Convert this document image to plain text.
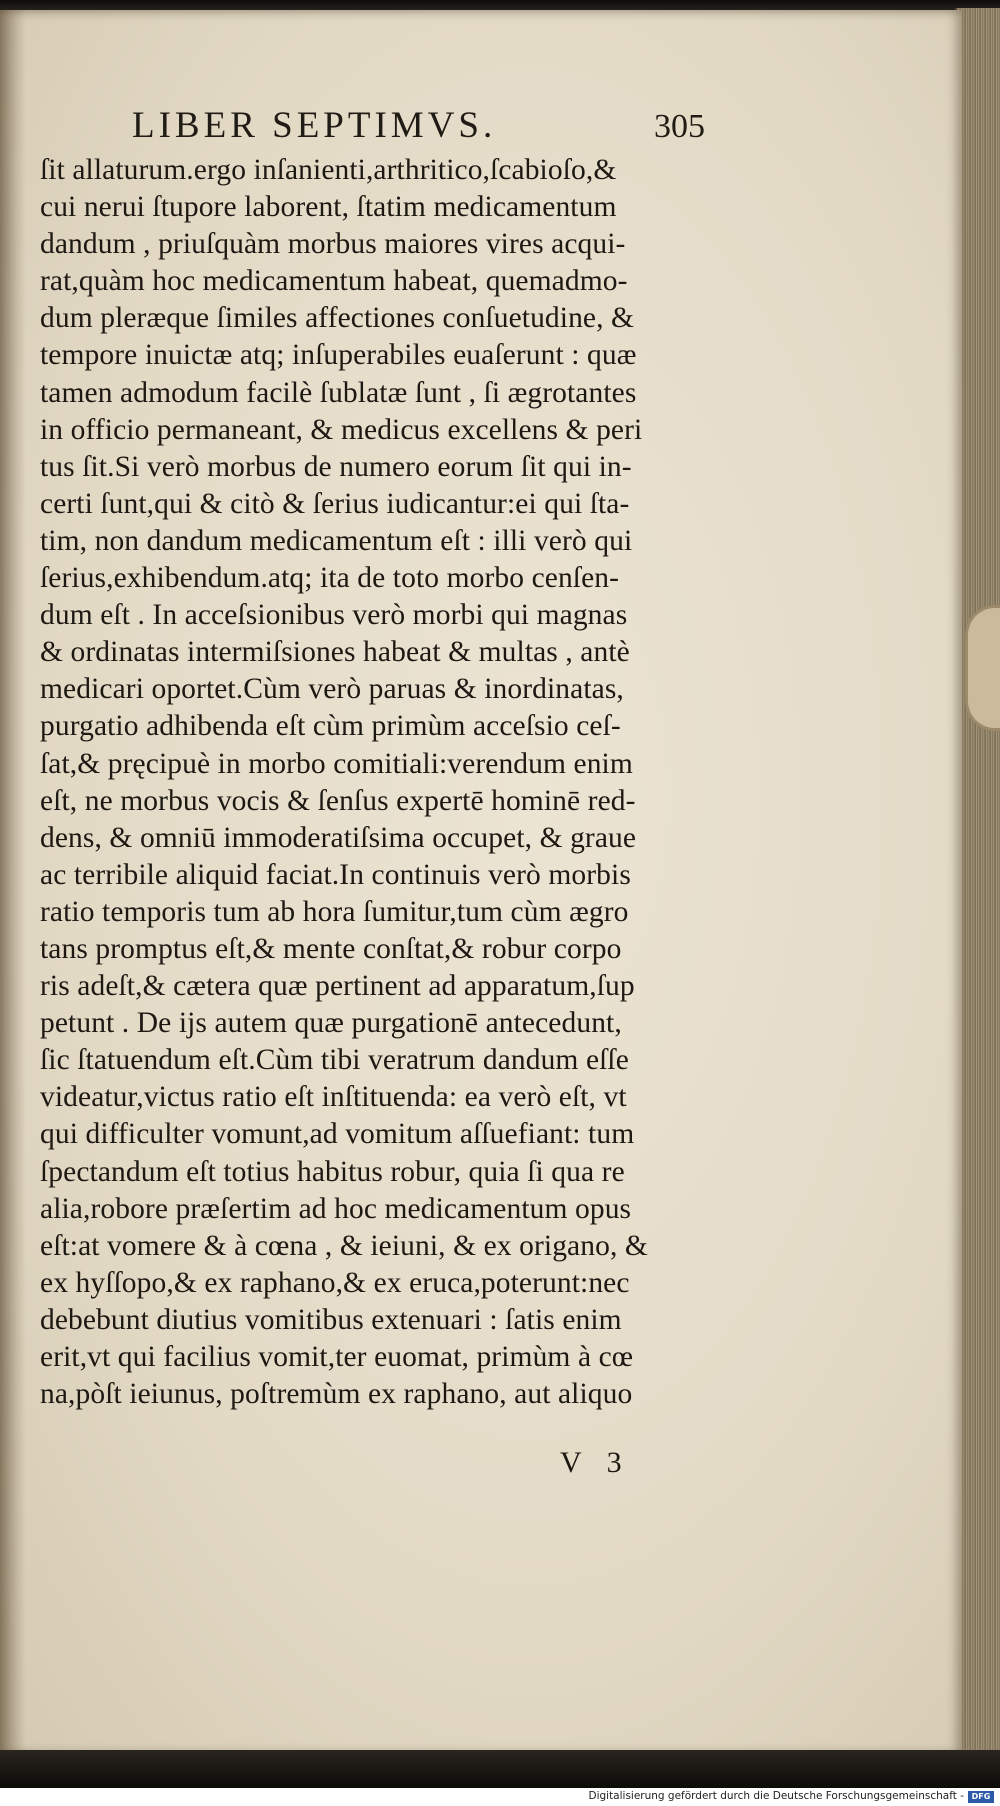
LIBER SEPTIMVS.	305
ſit allaturum.ergo inſanienti,arthritico,ſcabioſo,&
cui nerui ſtupore laborent, ſtatim medicamentum
dandum , priuſquàm morbus maiores vires acqui-
rat,quàm hoc medicamentum habeat, quemadmo-
dum pleræque ſimiles affectiones conſuetudine, &
tempore inuictæ atq; inſuperabiles euaſerunt : quæ
tamen admodum facilè ſublatæ ſunt , ſi ægrotantes
in officio permaneant, & medicus excellens & peri
tus ſit.Si verò morbus de numero eorum ſit qui in-
certi ſunt,qui & citò & ſerius iudicantur:ei qui ſta-
tim, non dandum medicamentum eſt : illi verò qui
ſerius,exhibendum.atq; ita de toto morbo cenſen-
dum eſt . In acceſsionibus verò morbi qui magnas
& ordinatas intermiſsiones habeat & multas , antè
medicari oportet.Cùm verò paruas & inordinatas,
purgatio adhibenda eſt cùm primùm acceſsio ceſ-
ſat,& pręcipuè in morbo comitiali:verendum enim
eſt, ne morbus vocis & ſenſus expertē hominē red-
dens, & omniū immoderatiſsima occupet, & graue
ac terribile aliquid faciat.In continuis verò morbis
ratio temporis tum ab hora ſumitur,tum cùm ægro
tans promptus eſt,& mente conſtat,& robur corpo
ris adeſt,& cætera quæ pertinent ad apparatum,ſup
petunt . De ijs autem quæ purgationē antecedunt,
ſic ſtatuendum eſt.Cùm tibi veratrum dandum eſſe
videatur,victus ratio eſt inſtituenda: ea verò eſt, vt
qui difficulter vomunt,ad vomitum aſſuefiant: tum
ſpectandum eſt totius habitus robur, quia ſi qua re
alia,robore præſertim ad hoc medicamentum opus
eſt:at vomere & à cœna , & ieiuni, & ex origano, &
ex hyſſopo,& ex raphano,& ex eruca,poterunt:nec
debebunt diutius vomitibus extenuari : ſatis enim
erit,vt qui facilius vomit,ter euomat, primùm à cœ
na,pòſt ieiunus, poſtremùm ex raphano, aut aliquo
V 3
Digitalisierung gefördert durch die Deutsche Forschungsgemeinschaft - DFG
